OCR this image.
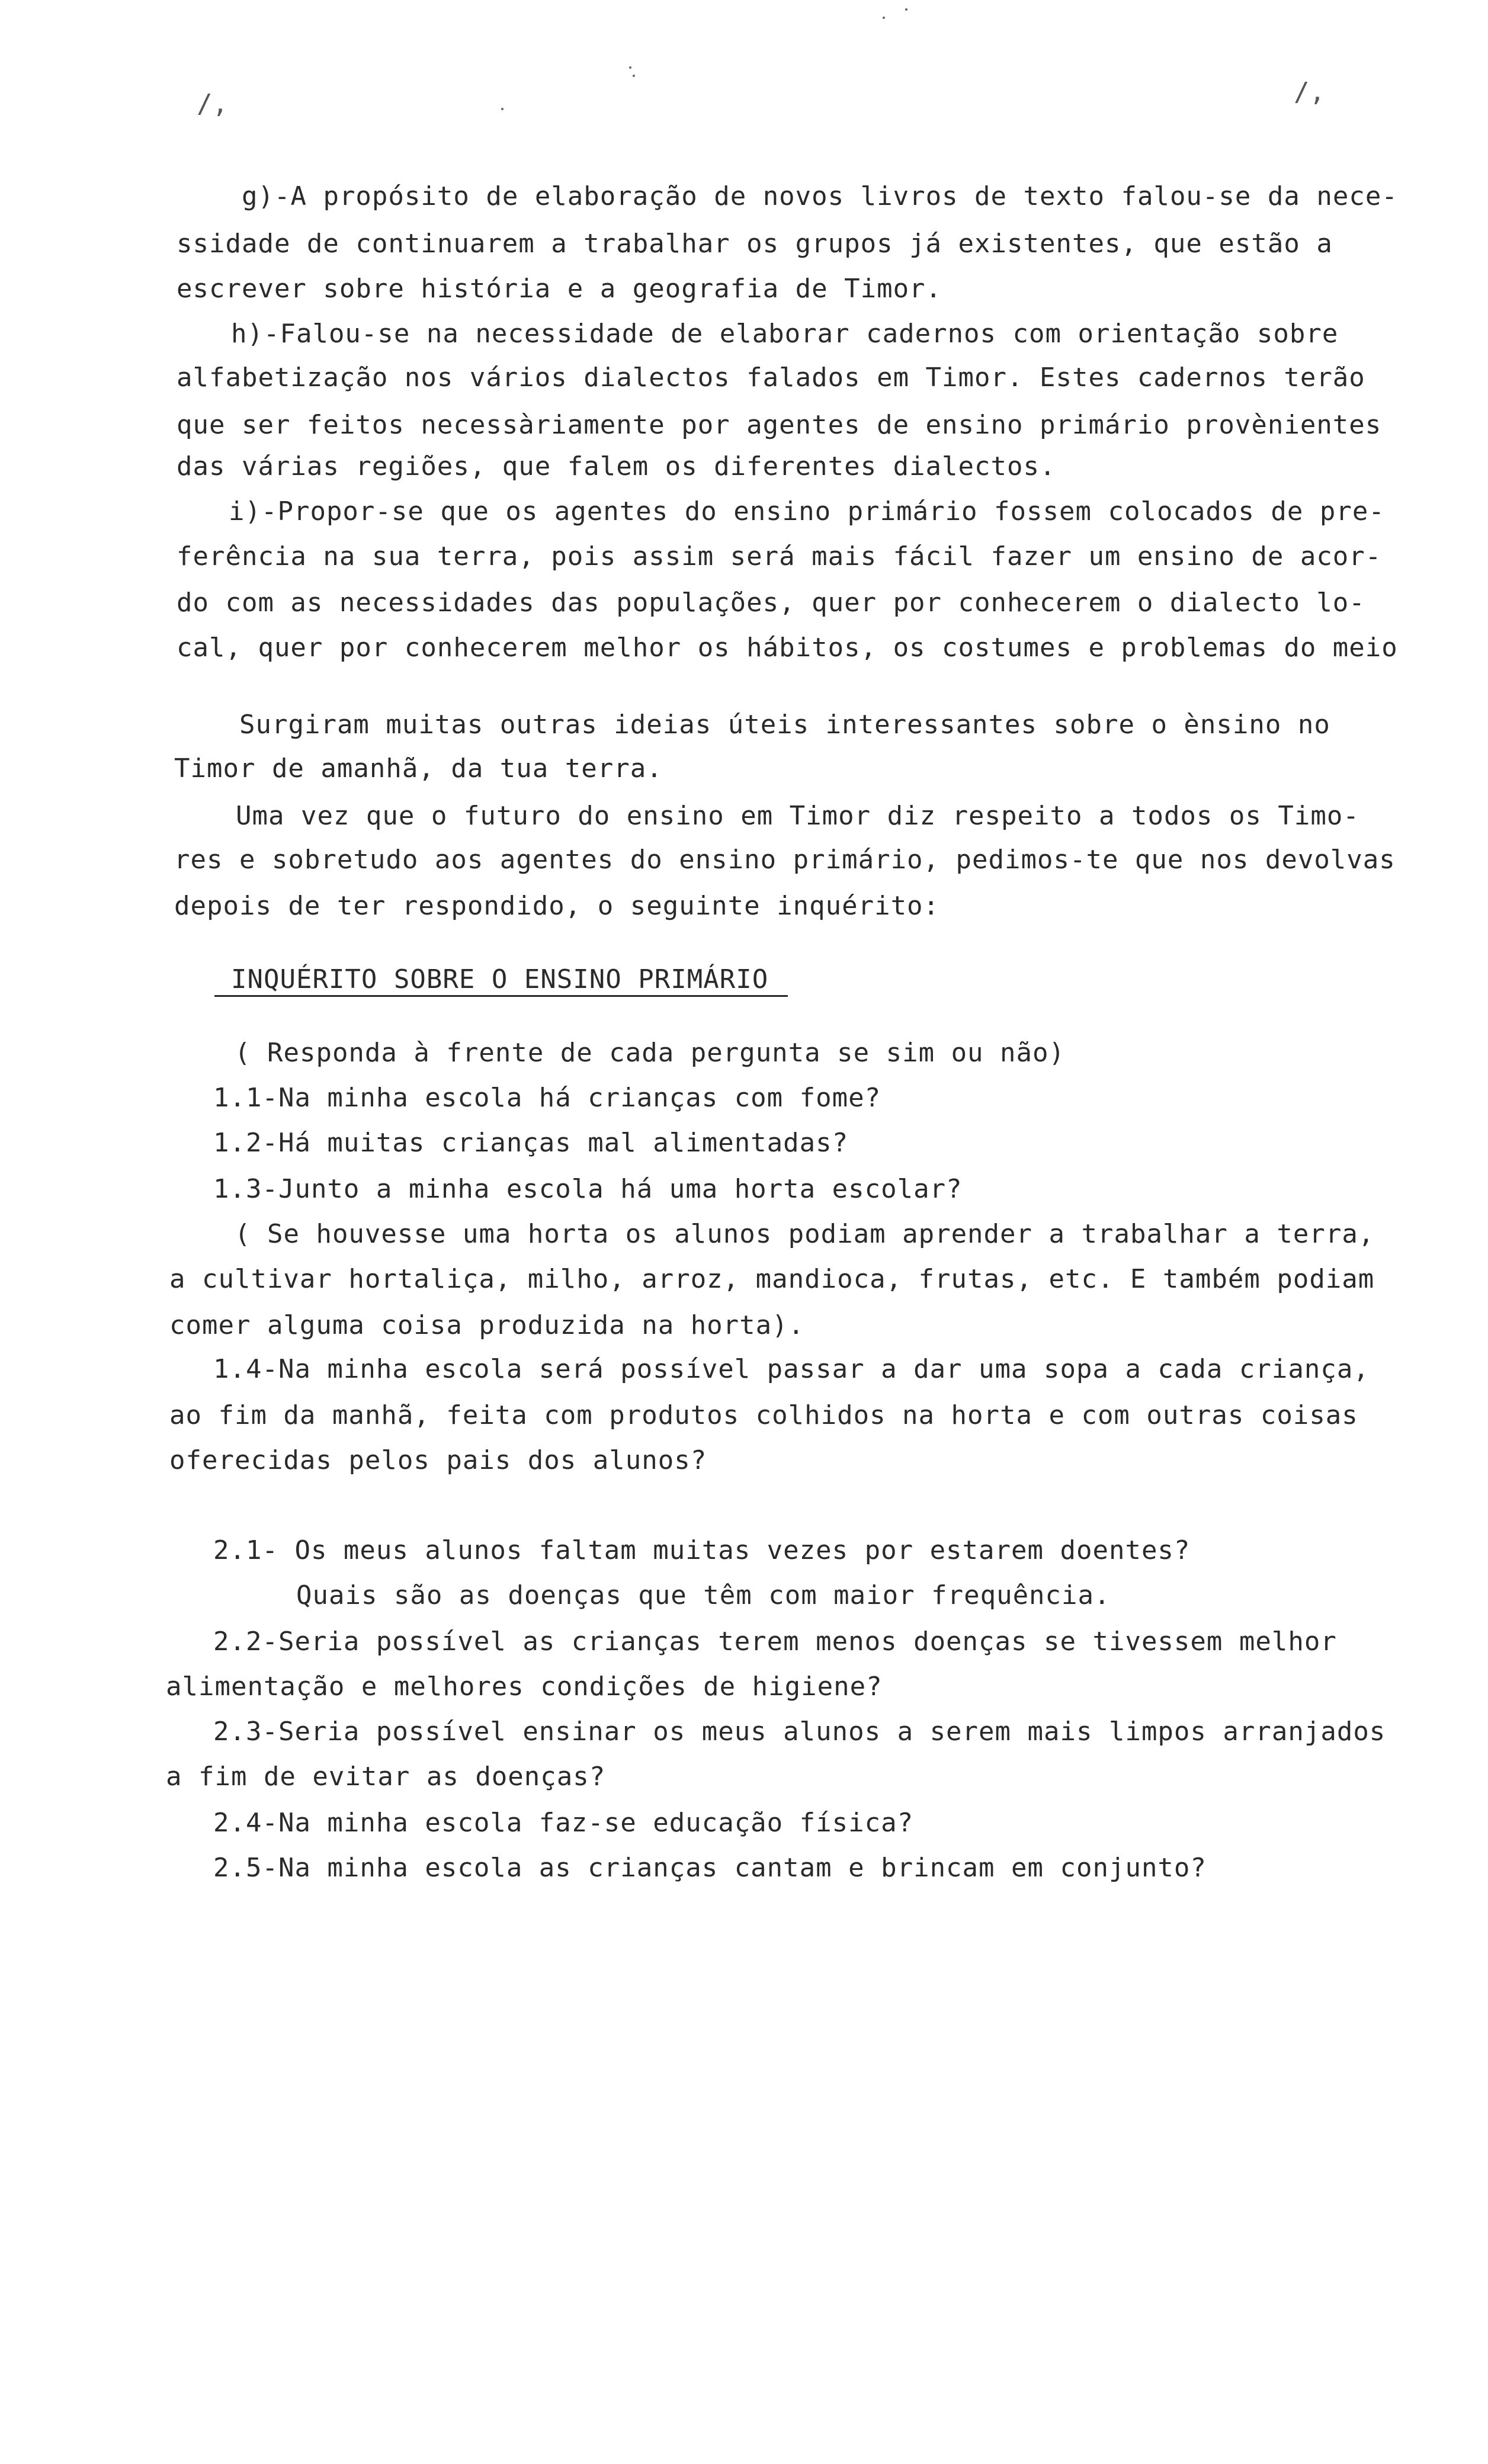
/,	/,
g)-A propósito de elaboração de novos livros de texto falou-se da nece-
ssidade de continuarem a trabalhar os grupos já existentes, que estão a
escrever sobre história e a geografia de Timor.
h)-Falou-se na necessidade de elaborar cadernos com orientação sobre
alfabetização nos vários dialectos falados em Timor. Estes cadernos terão
que ser feitos necessàriamente por agentes de ensino primário provènientes
das várias regiões, que falem os diferentes dialectos.
i)-Propor-se que os agentes do ensino primário fossem colocados de pre-
ferência na sua terra, pois assim será mais fácil fazer um ensino de acor-
do com as necessidades das populações, quer por conhecerem o dialecto lo-
cal, quer por conhecerem melhor os hábitos, os costumes e problemas do meio
Surgiram muitas outras ideias úteis interessantes sobre o ènsino no
Timor de amanhã, da tua terra.
Uma vez que o futuro do ensino em Timor diz respeito a todos os Timo-
res e sobretudo aos agentes do ensino primário, pedimos-te que nos devolvas
depois de ter respondido, o seguinte inquérito:
INQUÉRITO SOBRE O ENSINO PRIMÁRIO
( Responda à frente de cada pergunta se sim ou não)
1.1-Na minha escola há crianças com fome?
1.2-Há muitas crianças mal alimentadas?
1.3-Junto a minha escola há uma horta escolar?
( Se houvesse uma horta os alunos podiam aprender a trabalhar a terra,
a cultivar hortaliça, milho, arroz, mandioca, frutas, etc. E também podiam
comer alguma coisa produzida na horta).
1.4-Na minha escola será possível passar a dar uma sopa a cada criança,
ao fim da manhã, feita com produtos colhidos na horta e com outras coisas
oferecidas pelos pais dos alunos?
2.1- Os meus alunos faltam muitas vezes por estarem doentes?
Quais são as doenças que têm com maior frequência.
2.2-Seria possível as crianças terem menos doenças se tivessem melhor
alimentação e melhores condições de higiene?
2.3-Seria possível ensinar os meus alunos a serem mais limpos arranjados
a fim de evitar as doenças?
2.4-Na minha escola faz-se educação física?
2.5-Na minha escola as crianças cantam e brincam em conjunto?
